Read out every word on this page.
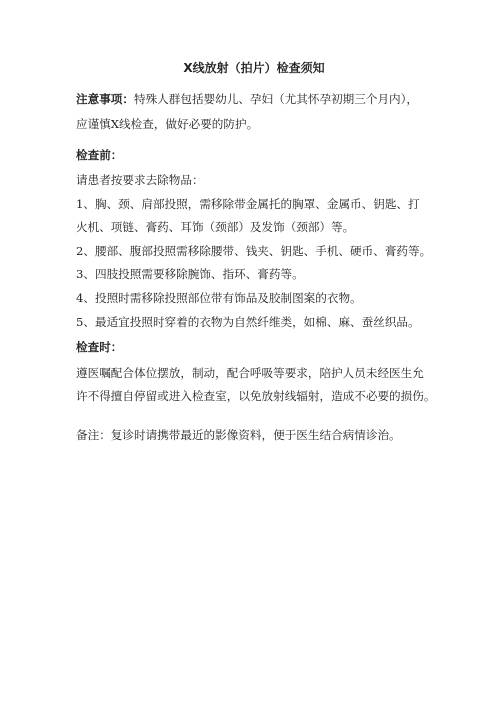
X线放射（拍片）检查须知

注意事项：特殊人群包括婴幼儿、孕妇（尤其怀孕初期三个月内），

应谨慎X线检查，做好必要的防护。

检查前：

请患者按要求去除物品：

1、胸、颈、肩部投照，需移除带金属托的胸罩、金属币、钥匙、打

火机、项链、膏药、耳饰（颈部）及发饰（颈部）等。

2、腰部、腹部投照需移除腰带、钱夹、钥匙、手机、硬币、膏药等。

3、四肢投照需要移除腕饰、指环、膏药等。

4、投照时需移除投照部位带有饰品及胶制图案的衣物。

5、最适宜投照时穿着的衣物为自然纤维类，如棉、麻、蚕丝织品。

检查时：

遵医嘱配合体位摆放，制动，配合呼吸等要求，陪护人员未经医生允

许不得擅自停留或进入检查室，以免放射线辐射，造成不必要的损伤。

备注：复诊时请携带最近的影像资料，便于医生结合病情诊治。
